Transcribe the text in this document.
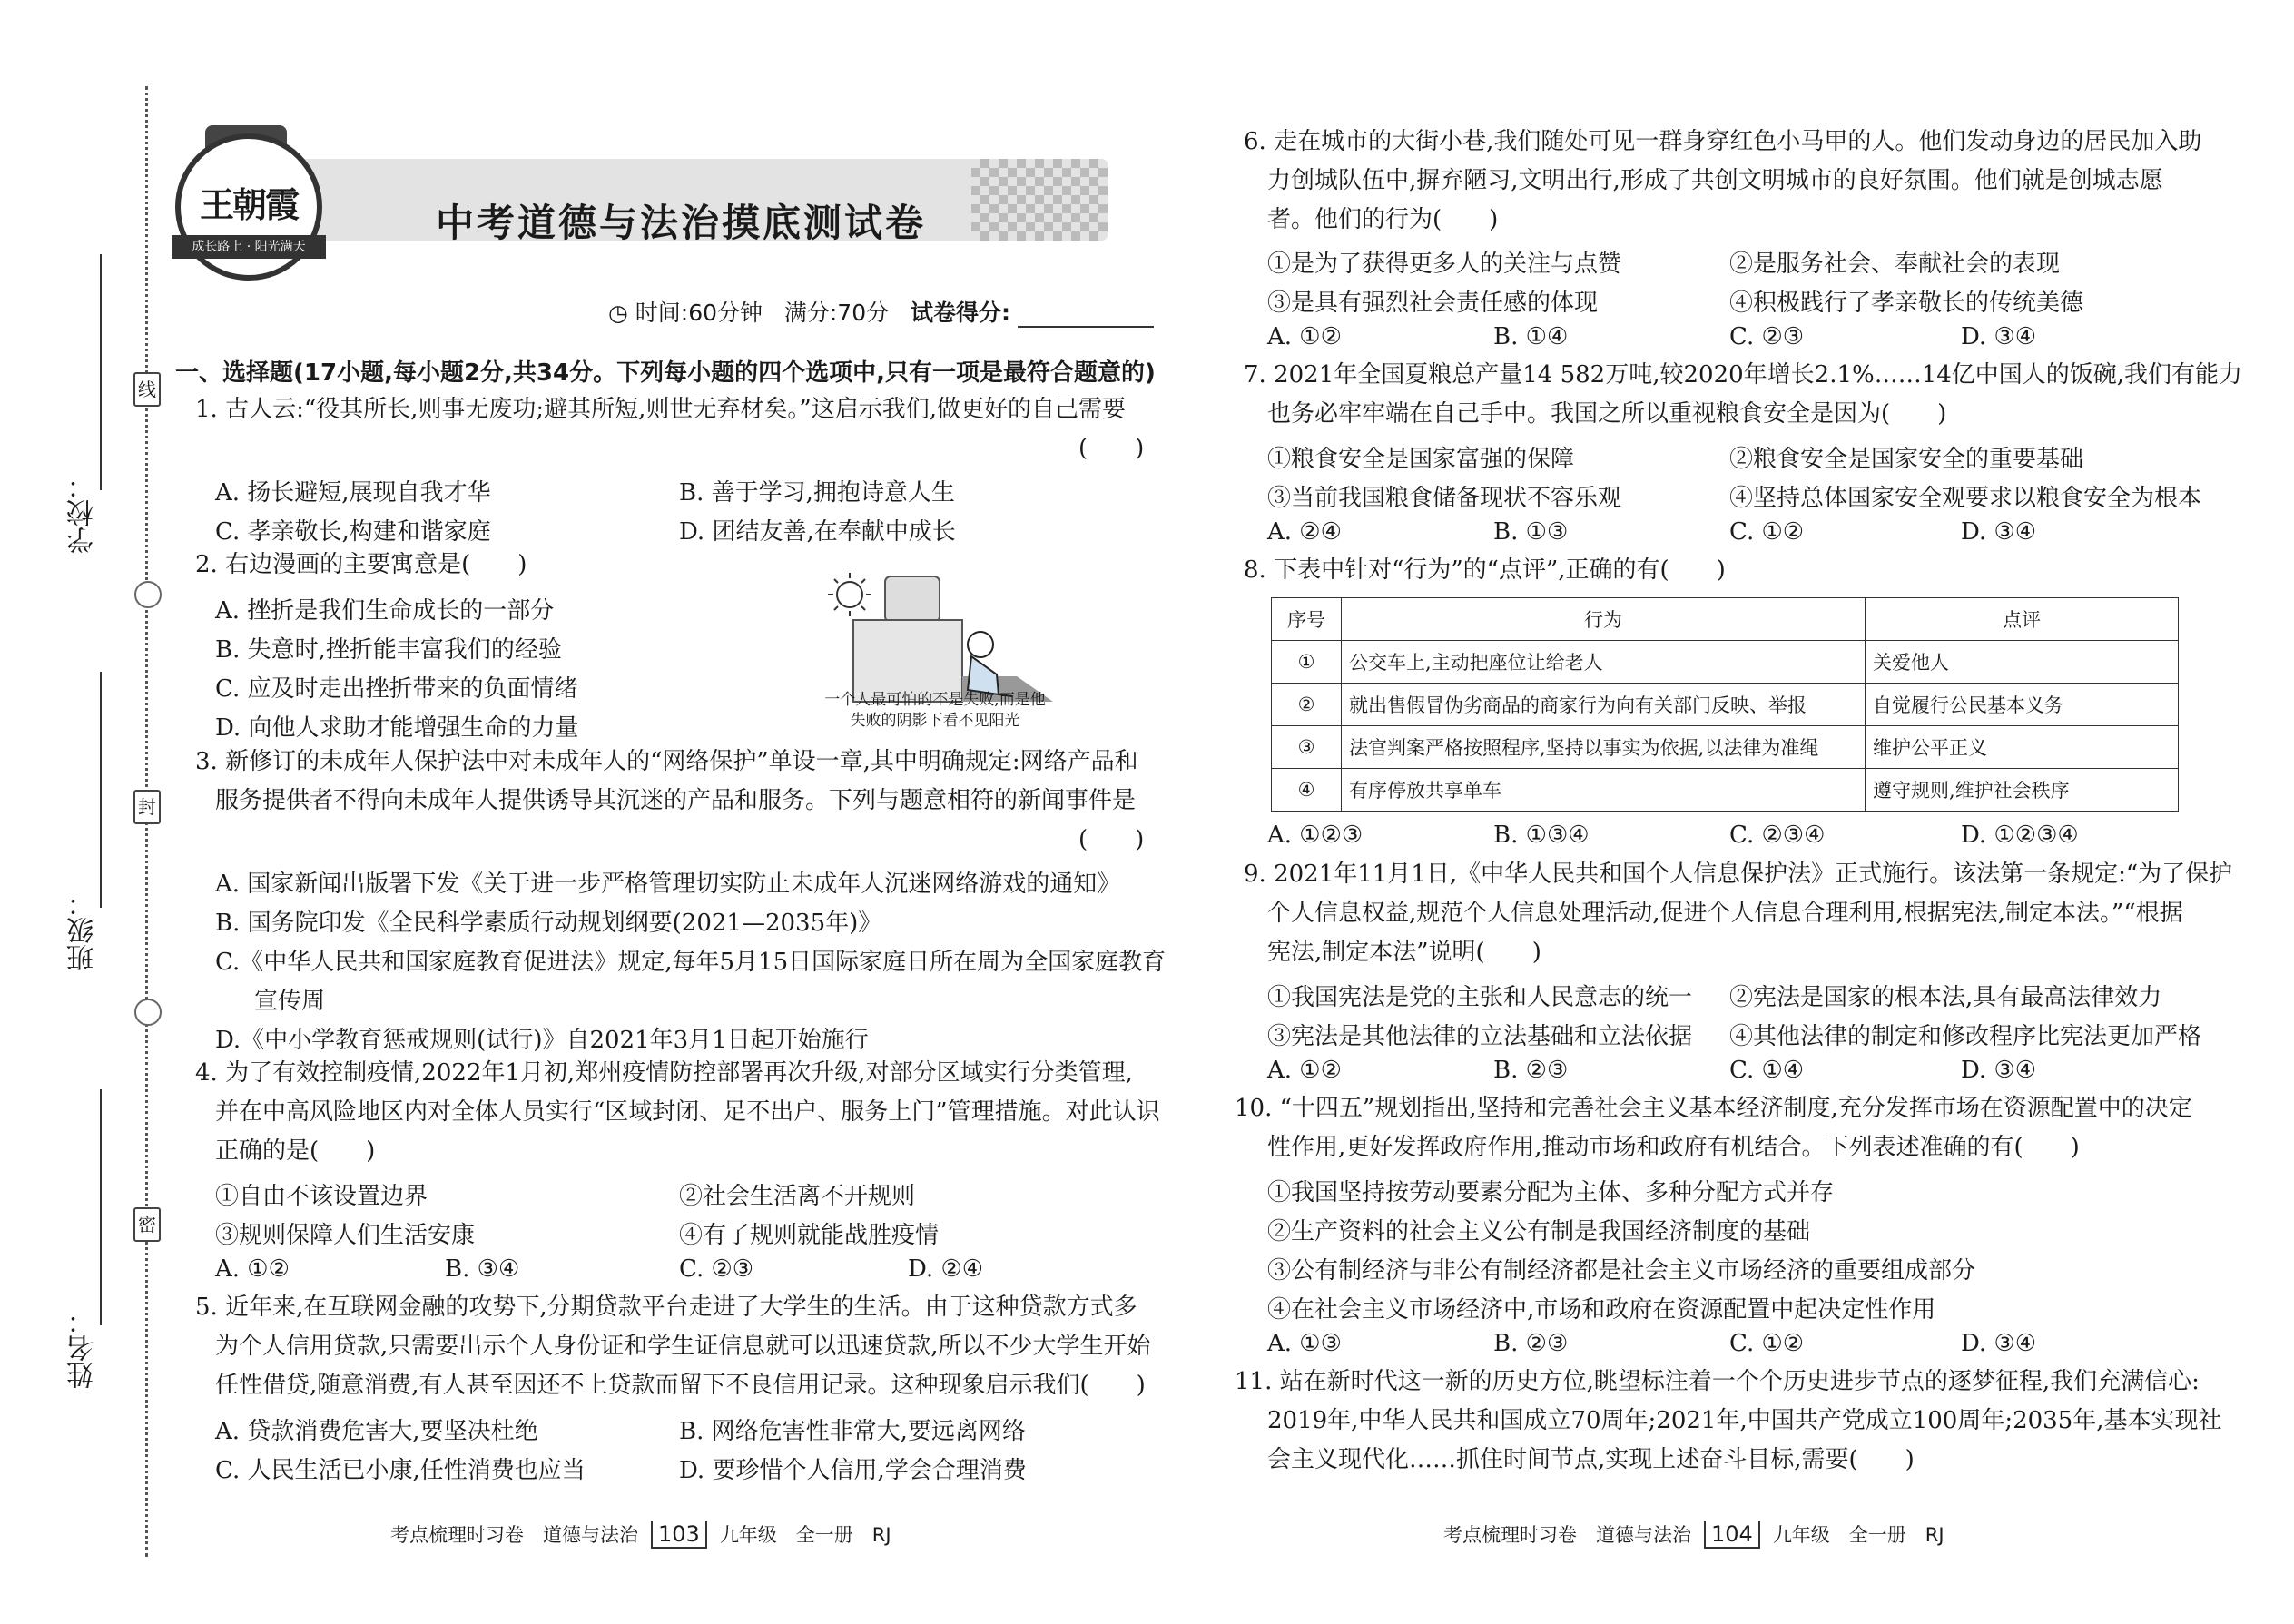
线
封
密
学校：
班级：
姓名：
王朝霞
成长路上 · 阳光满天
中考道德与法治摸底测试卷
◷ 时间:60分钟 满分:70分 试卷得分:
一、选择题(17小题,每小题2分,共34分。下列每小题的四个选项中,只有一项是最符合题意的)
1. 古人云:“役其所长,则事无废功;避其所短,则世无弃材矣。”这启示我们,做更好的自己需要
(　　)
A. 扬长避短,展现自我才华	B. 善于学习,拥抱诗意人生
C. 孝亲敬长,构建和谐家庭	D. 团结友善,在奉献中成长
2. 右边漫画的主要寓意是(　　)
A. 挫折是我们生命成长的一部分
B. 失意时,挫折能丰富我们的经验
C. 应及时走出挫折带来的负面情绪
D. 向他人求助才能增强生命的力量
一个人最可怕的不是失败,而是他
失败的阴影下看不见阳光
3. 新修订的未成年人保护法中对未成年人的“网络保护”单设一章,其中明确规定:网络产品和
服务提供者不得向未成年人提供诱导其沉迷的产品和服务。下列与题意相符的新闻事件是
(　　)
A. 国家新闻出版署下发《关于进一步严格管理切实防止未成年人沉迷网络游戏的通知》
B. 国务院印发《全民科学素质行动规划纲要(2021—2035年)》
C.《中华人民共和国家庭教育促进法》规定,每年5月15日国际家庭日所在周为全国家庭教育
宣传周
D.《中小学教育惩戒规则(试行)》自2021年3月1日起开始施行
4. 为了有效控制疫情,2022年1月初,郑州疫情防控部署再次升级,对部分区域实行分类管理,
并在中高风险地区内对全体人员实行“区域封闭、足不出户、服务上门”管理措施。对此认识
正确的是(　　)
①自由不该设置边界	②社会生活离不开规则
③规则保障人们生活安康	④有了规则就能战胜疫情
A. ①②	B. ③④	C. ②③	D. ②④
5. 近年来,在互联网金融的攻势下,分期贷款平台走进了大学生的生活。由于这种贷款方式多
为个人信用贷款,只需要出示个人身份证和学生证信息就可以迅速贷款,所以不少大学生开始
任性借贷,随意消费,有人甚至因还不上贷款而留下不良信用记录。这种现象启示我们(　　)
A. 贷款消费危害大,要坚决杜绝	B. 网络危害性非常大,要远离网络
C. 人民生活已小康,任性消费也应当	D. 要珍惜个人信用,学会合理消费
考点梳理时习卷　道德与法治 103 九年级　全一册　RJ
6. 走在城市的大街小巷,我们随处可见一群身穿红色小马甲的人。他们发动身边的居民加入助
力创城队伍中,摒弃陋习,文明出行,形成了共创文明城市的良好氛围。他们就是创城志愿
者。他们的行为(　　)
①是为了获得更多人的关注与点赞	②是服务社会、奉献社会的表现
③是具有强烈社会责任感的体现	④积极践行了孝亲敬长的传统美德
A. ①②	B. ①④	C. ②③	D. ③④
7. 2021年全国夏粮总产量14 582万吨,较2020年增长2.1%……14亿中国人的饭碗,我们有能力
也务必牢牢端在自己手中。我国之所以重视粮食安全是因为(　　)
①粮食安全是国家富强的保障	②粮食安全是国家安全的重要基础
③当前我国粮食储备现状不容乐观	④坚持总体国家安全观要求以粮食安全为根本
A. ②④	B. ①③	C. ①②	D. ③④
8. 下表中针对“行为”的“点评”,正确的有(　　)
序号	行为	点评
①	公交车上,主动把座位让给老人	关爱他人
②	就出售假冒伪劣商品的商家行为向有关部门反映、举报	自觉履行公民基本义务
③	法官判案严格按照程序,坚持以事实为依据,以法律为准绳	维护公平正义
④	有序停放共享单车	遵守规则,维护社会秩序
A. ①②③	B. ①③④	C. ②③④	D. ①②③④
9. 2021年11月1日,《中华人民共和国个人信息保护法》正式施行。该法第一条规定:“为了保护
个人信息权益,规范个人信息处理活动,促进个人信息合理利用,根据宪法,制定本法。”“根据
宪法,制定本法”说明(　　)
①我国宪法是党的主张和人民意志的统一 ②宪法是国家的根本法,具有最高法律效力
③宪法是其他法律的立法基础和立法依据 ④其他法律的制定和修改程序比宪法更加严格
A. ①②	B. ②③	C. ①④	D. ③④
10. “十四五”规划指出,坚持和完善社会主义基本经济制度,充分发挥市场在资源配置中的决定
性作用,更好发挥政府作用,推动市场和政府有机结合。下列表述准确的有(　　)
①我国坚持按劳动要素分配为主体、多种分配方式并存
②生产资料的社会主义公有制是我国经济制度的基础
③公有制经济与非公有制经济都是社会主义市场经济的重要组成部分
④在社会主义市场经济中,市场和政府在资源配置中起决定性作用
A. ①③	B. ②③	C. ①②	D. ③④
11. 站在新时代这一新的历史方位,眺望标注着一个个历史进步节点的逐梦征程,我们充满信心:
2019年,中华人民共和国成立70周年;2021年,中国共产党成立100周年;2035年,基本实现社
会主义现代化……抓住时间节点,实现上述奋斗目标,需要(　　)
考点梳理时习卷　道德与法治 104 九年级　全一册　RJ
